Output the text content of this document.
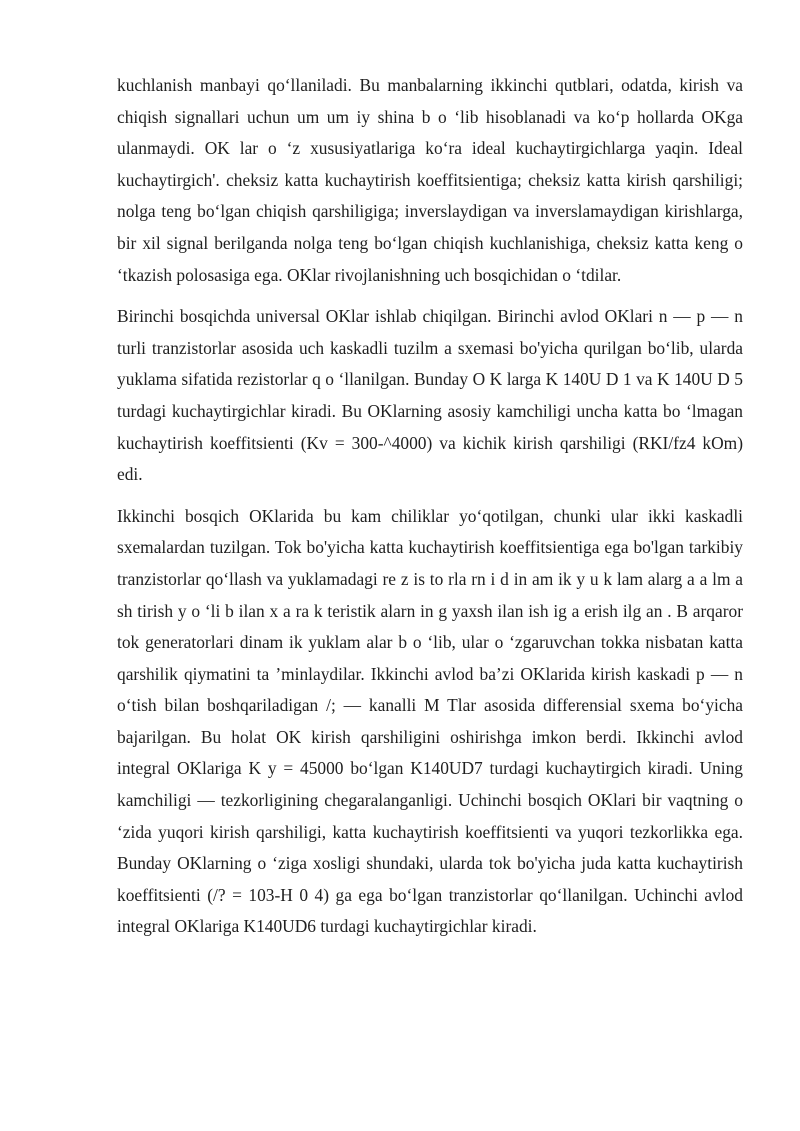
kuchlanish manbayi qo‘llaniladi. Bu manbalarning ikkinchi qutblari, odatda, kirish va chiqish signallari uchun um um iy shina b o ‘lib hisoblanadi va ko‘p hollarda OKga ulanmaydi. OK lar o ‘z xususiyatlariga ko‘ra ideal kuchaytirgichlarga yaqin. Ideal kuchaytirgich'. cheksiz katta kuchaytirish koeffitsientiga; cheksiz katta kirish qarshiligi; nolga teng bo‘lgan chiqish qarshiligiga; inverslaydigan va inverslamaydigan kirishlarga, bir xil signal berilganda nolga teng bo‘lgan chiqish kuchlanishiga, cheksiz katta keng o ‘tkazish polosasiga ega. OKlar rivojlanishning uch bosqichidan o ‘tdilar.

Birinchi bosqichda universal OKlar ishlab chiqilgan. Birinchi avlod OKlari n — p — n turli tranzistorlar asosida uch kaskadli tuzilm a sxemasi bo'yicha qurilgan bo‘lib, ularda yuklama sifatida rezistorlar q o ‘llanilgan. Bunday O K larga K 140U D 1 va K 140U D 5 turdagi kuchaytirgichlar kiradi. Bu OKlarning asosiy kamchiligi uncha katta bo ‘lmagan kuchaytirish koeffitsienti (Kv = 300-^4000) va kichik kirish qarshiligi (RKI/fz4 kOm) edi.

Ikkinchi bosqich OKlarida bu kam chiliklar yo‘qotilgan, chunki ular ikki kaskadli sxemalardan tuzilgan. Tok bo'yicha katta kuchaytirish koeffitsientiga ega bo'lgan tarkibiy tranzistorlar qo‘llash va yuklamadagi re z is to rla rn i d in am ik y u k lam alarg a a lm a sh tirish y o ‘li b ilan x a ra k teristik alarn in g yaxsh ilan ish ig a erish ilg an . B arqaror tok generatorlari dinam ik yuklam alar b o ‘lib, ular o ‘zgaruvchan tokka nisbatan katta qarshilik qiymatini ta ’minlaydilar. Ikkinchi avlod ba’zi OKlarida kirish kaskadi p — n o‘tish bilan boshqariladigan /; — kanalli M Tlar asosida differensial sxema bo‘yicha bajarilgan. Bu holat OK kirish qarshiligini oshirishga imkon berdi. Ikkinchi avlod integral OKlariga K y = 45000 bo‘lgan K140UD7 turdagi kuchaytirgich kiradi. Uning kamchiligi — tezkorligining chegaralanganligi. Uchinchi bosqich OKlari bir vaqtning o ‘zida yuqori kirish qarshiligi, katta kuchaytirish koeffitsienti va yuqori tezkorlikka ega. Bunday OKlarning o ‘ziga xosligi shundaki, ularda tok bo'yicha juda katta kuchaytirish koeffitsienti (/? = 103-H 0 4) ga ega bo‘lgan tranzistorlar qo‘llanilgan. Uchinchi avlod integral OKlariga K140UD6 turdagi kuchaytirgichlar kiradi.
